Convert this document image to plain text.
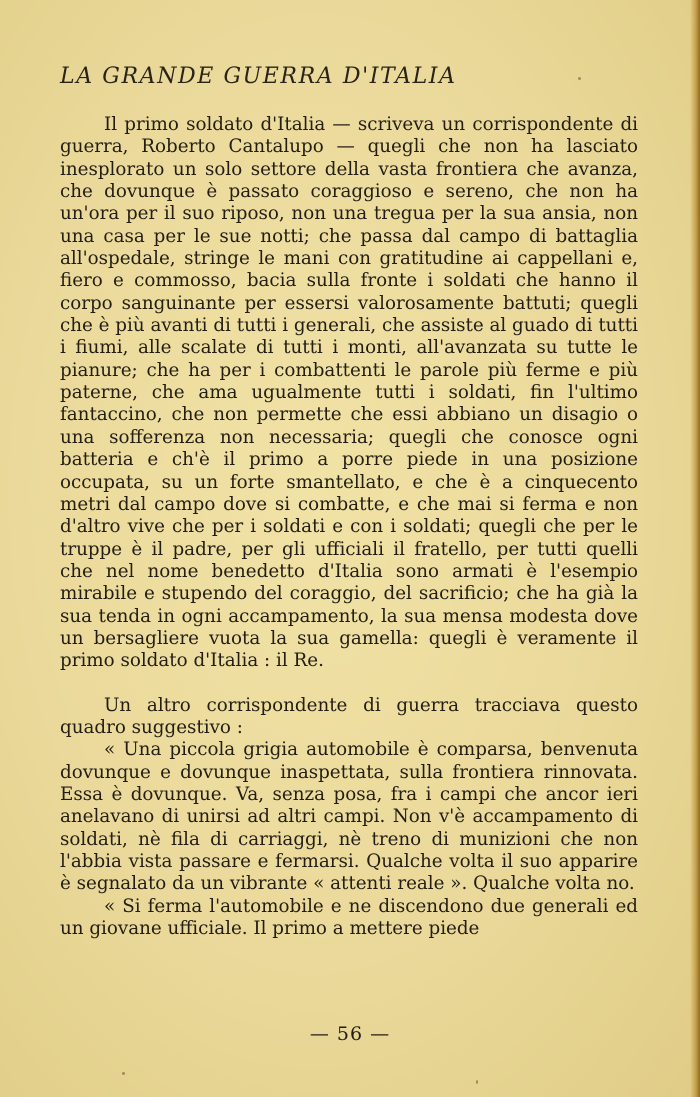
LA GRANDE GUERRA D'ITALIA

Il primo soldato d'Italia — scriveva un corrispondente di guerra, Roberto Cantalupo — quegli che non ha lasciato inesplorato un solo settore della vasta frontiera che avanza, che dovunque è passato coraggioso e sereno, che non ha un'ora per il suo riposo, non una tregua per la sua ansia, non una casa per le sue notti; che passa dal campo di battaglia all'ospedale, stringe le mani con gratitudine ai cappellani e, fiero e commosso, bacia sulla fronte i soldati che hanno il corpo sanguinante per essersi valorosamente battuti; quegli che è più avanti di tutti i generali, che assiste al guado di tutti i fiumi, alle scalate di tutti i monti, all'avanzata su tutte le pianure; che ha per i combattenti le parole più ferme e più paterne, che ama ugualmente tutti i soldati, fin l'ultimo fantaccino, che non permette che essi abbiano un disagio o una sofferenza non necessaria; quegli che conosce ogni batteria e ch'è il primo a porre piede in una posizione occupata, su un forte smantellato, e che è a cinquecento metri dal campo dove si combatte, e che mai si ferma e non d'altro vive che per i soldati e con i soldati; quegli che per le truppe è il padre, per gli ufficiali il fratello, per tutti quelli che nel nome benedetto d'Italia sono armati è l'esempio mirabile e stupendo del coraggio, del sacrificio; che ha già la sua tenda in ogni accampamento, la sua mensa modesta dove un bersagliere vuota la sua gamella: quegli è veramente il primo soldato d'Italia : il Re.

Un altro corrispondente di guerra tracciava questo quadro suggestivo :

« Una piccola grigia automobile è comparsa, benvenuta dovunque e dovunque inaspettata, sulla frontiera rinnovata. Essa è dovunque. Va, senza posa, fra i campi che ancor ieri anelavano di unirsi ad altri campi. Non v'è accampamento di soldati, nè fila di carriaggi, nè treno di munizioni che non l'abbia vista passare e fermarsi. Qualche volta il suo apparire è segnalato da un vibrante « attenti reale ». Qualche volta no.

« Si ferma l'automobile e ne discendono due generali ed un giovane ufficiale. Il primo a mettere piede

— 56 —
